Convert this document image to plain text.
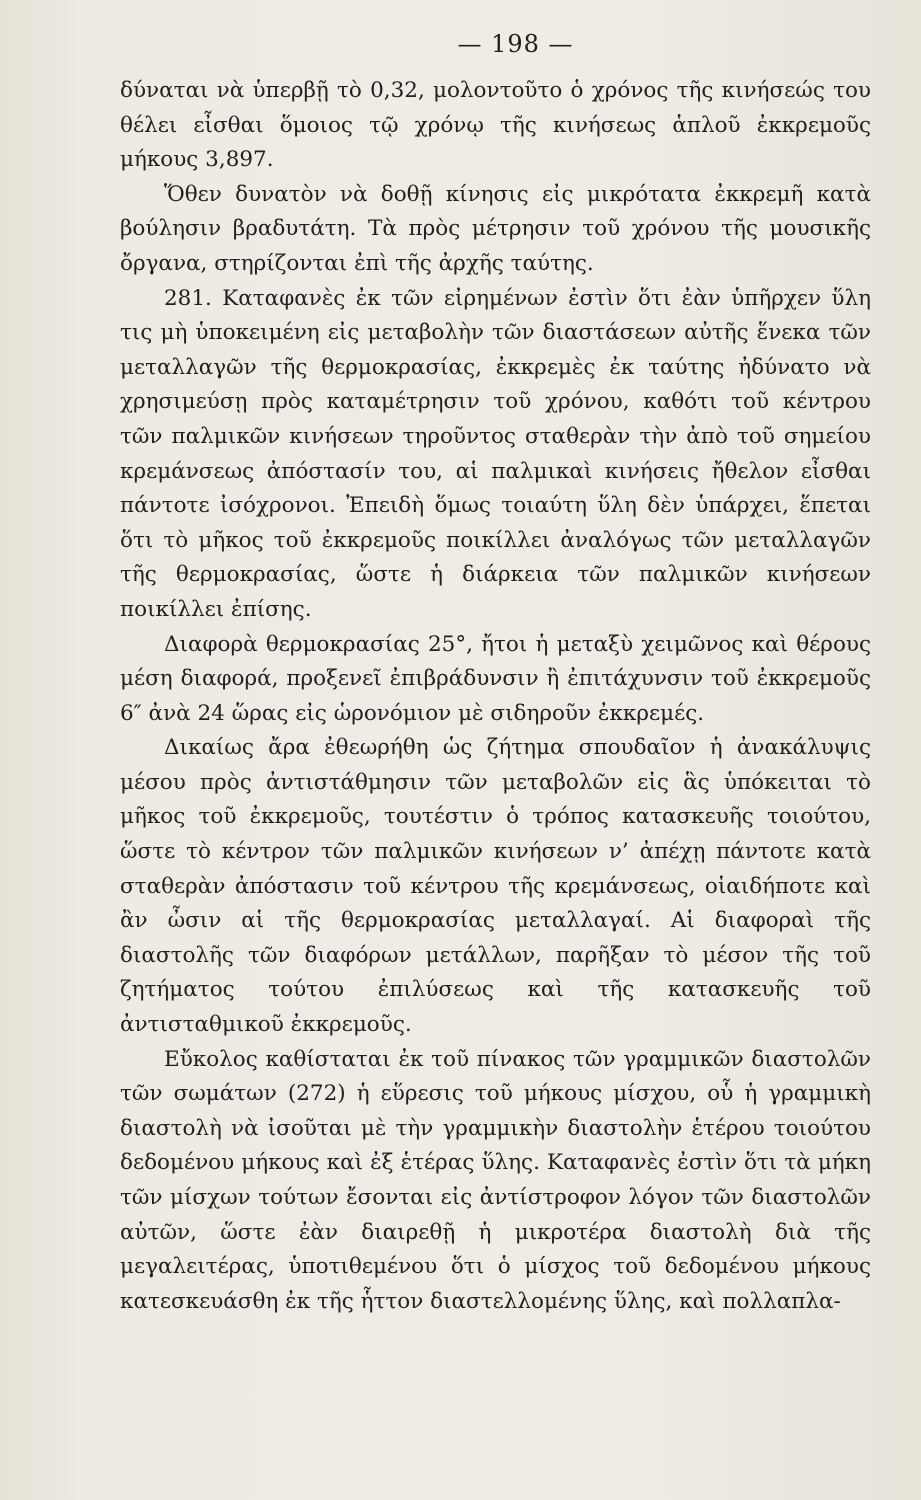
— 198 —

δύναται νὰ ὑπερβῇ τὸ 0,32, μολοντοῦτο ὁ χρόνος τῆς κινήσεώς του θέλει εἶσθαι ὅμοιος τῷ χρόνῳ τῆς κινήσεως ἁπλοῦ ἐκκρεμοῦς μήκους 3,897.

Ὅθεν δυνατὸν νὰ δοθῇ κίνησις εἰς μικρότατα ἐκκρεμῆ κατὰ βούλησιν βραδυτάτη. Τὰ πρὸς μέτρησιν τοῦ χρόνου τῆς μουσικῆς ὄργανα, στηρίζονται ἐπὶ τῆς ἀρχῆς ταύτης.

281. Καταφανὲς ἐκ τῶν εἰρημένων ἐστὶν ὅτι ἐὰν ὑπῆρχεν ὕλη τις μὴ ὑποκειμένη εἰς μεταβολὴν τῶν διαστάσεων αὐτῆς ἕνεκα τῶν μεταλλαγῶν τῆς θερμοκρασίας, ἐκκρεμὲς ἐκ ταύτης ἠδύνατο νὰ χρησιμεύσῃ πρὸς καταμέτρησιν τοῦ χρόνου, καθότι τοῦ κέντρου τῶν παλμικῶν κινήσεων τηροῦντος σταθερὰν τὴν ἀπὸ τοῦ σημείου κρεμάνσεως ἀπόστασίν του, αἱ παλμικαὶ κινήσεις ἤθελον εἶσθαι πάντοτε ἰσόχρονοι. Ἐπειδὴ ὅμως τοιαύτη ὕλη δὲν ὑπάρχει, ἕπεται ὅτι τὸ μῆκος τοῦ ἐκκρεμοῦς ποικίλλει ἀναλόγως τῶν μεταλλαγῶν τῆς θερμοκρασίας, ὥστε ἡ διάρκεια τῶν παλμικῶν κινήσεων ποικίλλει ἐπίσης.

Διαφορὰ θερμοκρασίας 25°, ἤτοι ἡ μεταξὺ χειμῶνος καὶ θέρους μέση διαφορά, προξενεῖ ἐπιβράδυνσιν ἢ ἐπιτάχυνσιν τοῦ ἐκκρεμοῦς 6″ ἀνὰ 24 ὥρας εἰς ὡρονόμιον μὲ σιδηροῦν ἐκκρεμές.

Δικαίως ἄρα ἐθεωρήθη ὡς ζήτημα σπουδαῖον ἡ ἀνακάλυψις μέσου πρὸς ἀντιστάθμησιν τῶν μεταβολῶν εἰς ἃς ὑπόκειται τὸ μῆκος τοῦ ἐκκρεμοῦς, τουτέστιν ὁ τρόπος κατασκευῆς τοιούτου, ὥστε τὸ κέντρον τῶν παλμικῶν κινήσεων ν’ ἀπέχῃ πάντοτε κατὰ σταθερὰν ἀπόστασιν τοῦ κέντρου τῆς κρεμάνσεως, οἱαιδήποτε καὶ ἂν ὦσιν αἱ τῆς θερμοκρασίας μεταλλαγαί. Αἱ διαφοραὶ τῆς διαστολῆς τῶν διαφόρων μετάλλων, παρῆξαν τὸ μέσον τῆς τοῦ ζητήματος τούτου ἐπιλύσεως καὶ τῆς κατασκευῆς τοῦ ἀντισταθμικοῦ ἐκκρεμοῦς.

Εὔκολος καθίσταται ἐκ τοῦ πίνακος τῶν γραμμικῶν διαστολῶν τῶν σωμάτων (272) ἡ εὕρεσις τοῦ μήκους μίσχου, οὗ ἡ γραμμικὴ διαστολὴ νὰ ἰσοῦται μὲ τὴν γραμμικὴν διαστολὴν ἑτέρου τοιούτου δεδομένου μήκους καὶ ἐξ ἑτέρας ὕλης. Καταφανὲς ἐστὶν ὅτι τὰ μήκη τῶν μίσχων τούτων ἔσονται εἰς ἀντίστροφον λόγον τῶν διαστολῶν αὐτῶν, ὥστε ἐὰν διαιρεθῇ ἡ μικροτέρα διαστολὴ διὰ τῆς μεγαλειτέρας, ὑποτιθεμένου ὅτι ὁ μίσχος τοῦ δεδομένου μήκους κατεσκευάσθη ἐκ τῆς ἧττον διαστελλομένης ὕλης, καὶ πολλαπλα-
